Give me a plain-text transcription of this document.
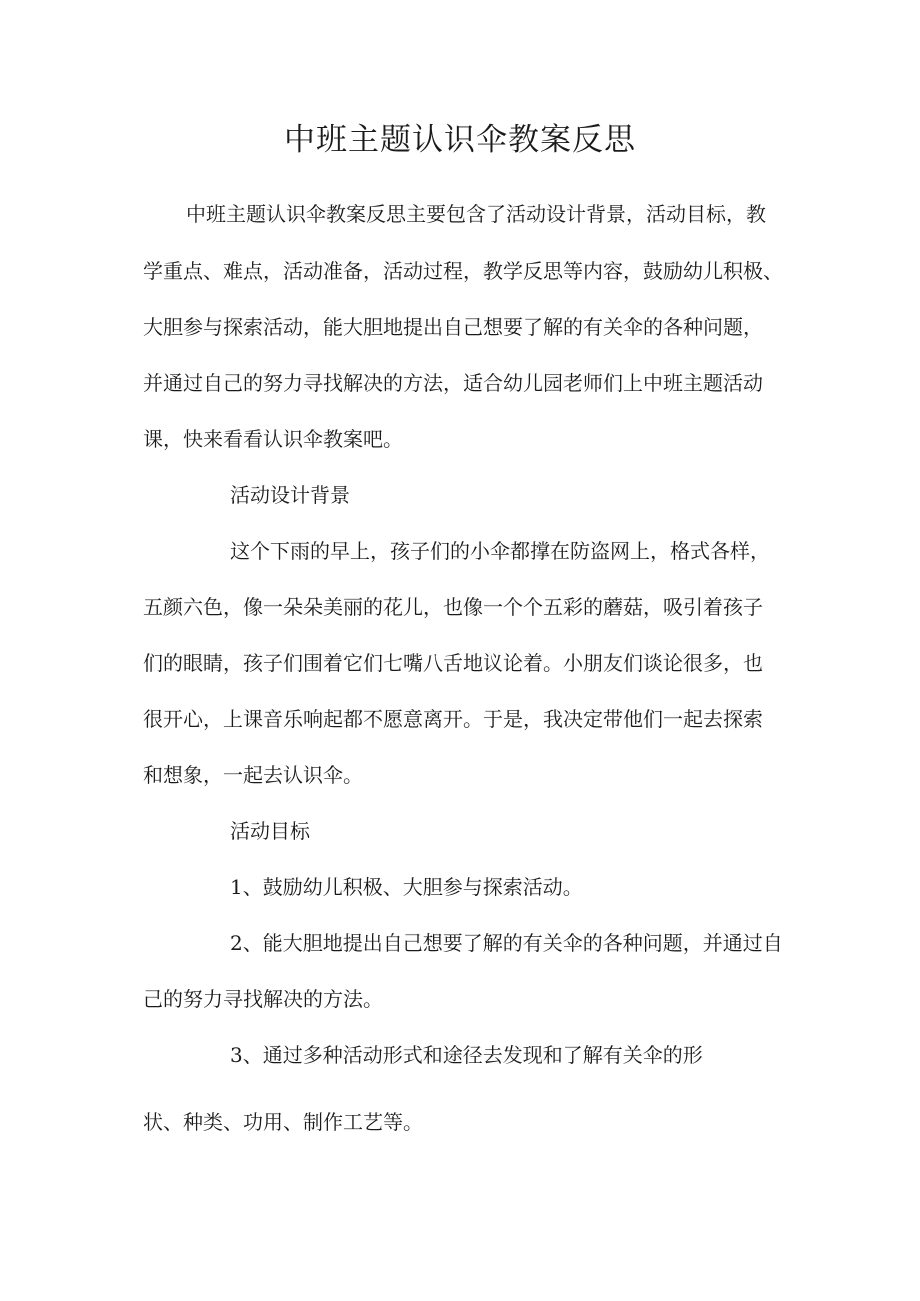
中班主题认识伞教案反思

中班主题认识伞教案反思主要包含了活动设计背景，活动目标，教

学重点、难点，活动准备，活动过程，教学反思等内容，鼓励幼儿积极、

大胆参与探索活动，能大胆地提出自己想要了解的有关伞的各种问题，

并通过自己的努力寻找解决的方法，适合幼儿园老师们上中班主题活动

课，快来看看认识伞教案吧。

活动设计背景

这个下雨的早上，孩子们的小伞都撑在防盗网上，格式各样，

五颜六色，像一朵朵美丽的花儿，也像一个个五彩的蘑菇，吸引着孩子

们的眼睛，孩子们围着它们七嘴八舌地议论着。小朋友们谈论很多，也

很开心，上课音乐响起都不愿意离开。于是，我决定带他们一起去探索

和想象，一起去认识伞。

活动目标

1、鼓励幼儿积极、大胆参与探索活动。

2、能大胆地提出自己想要了解的有关伞的各种问题，并通过自

己的努力寻找解决的方法。

3、通过多种活动形式和途径去发现和了解有关伞的形

状、种类、功用、制作工艺等。
